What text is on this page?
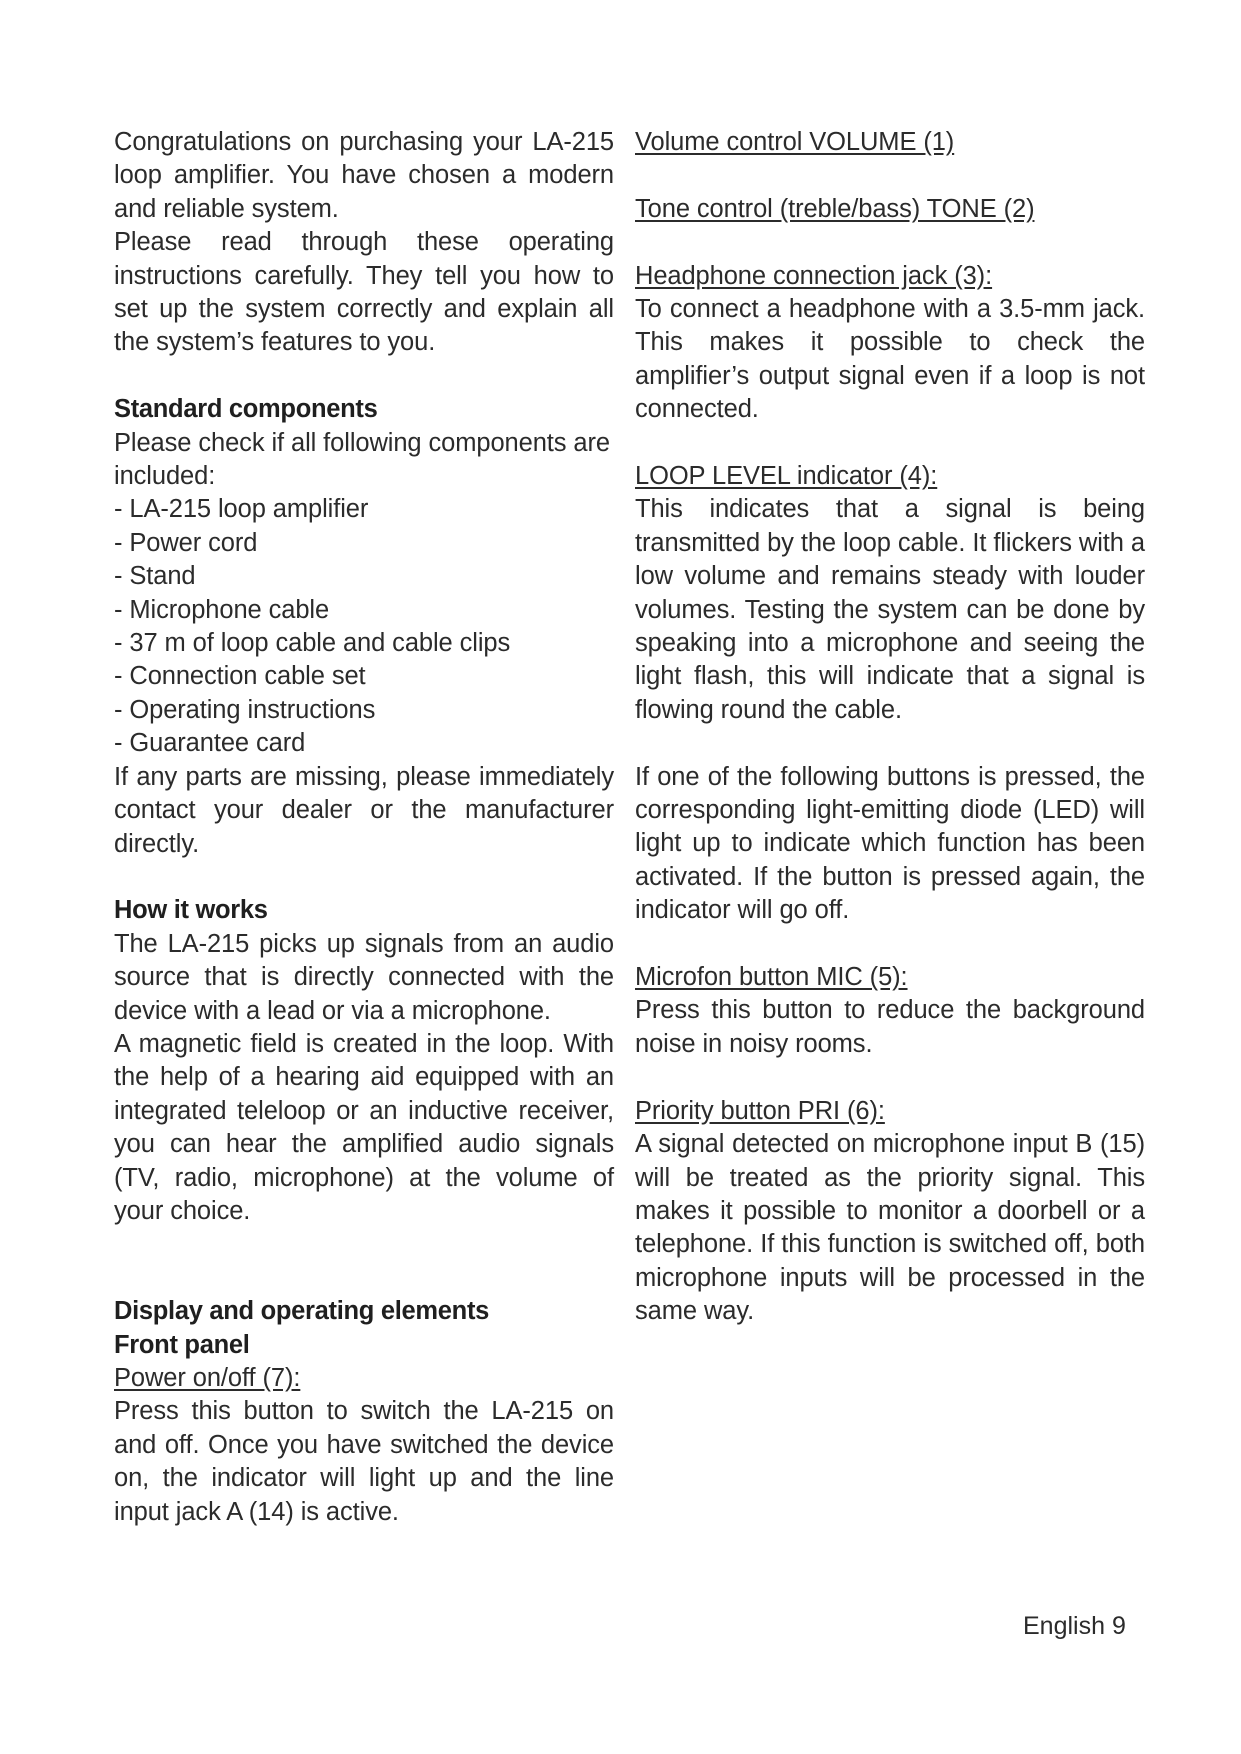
Congratulations on purchasing your LA-215 loop amplifier. You have chosen a modern and reliable system.

Please read through these operating instructions carefully. They tell you how to set up the system correctly and explain all the system’s features to you.

Standard components

Please check if all following components are included:

- LA-215 loop amplifier
- Power cord
- Stand
- Microphone cable
- 37 m of loop cable and cable clips
- Connection cable set
- Operating instructions
- Guarantee card

If any parts are missing, please immediately contact your dealer or the manufacturer directly.

How it works

The LA-215 picks up signals from an audio source that is directly connected with the device with a lead or via a microphone.

A magnetic field is created in the loop. With the help of a hearing aid equipped with an integrated teleloop or an inductive receiver, you can hear the amplified audio signals (TV, radio, microphone) at the volume of your choice.

Display and operating elements

Front panel

Power on/off (7):

Press this button to switch the LA-215 on and off. Once you have switched the device on, the indicator will light up and the line input jack A (14) is active.

Volume control VOLUME (1)

Tone control (treble/bass) TONE (2)

Headphone connection jack (3):

To connect a headphone with a 3.5-mm jack. This makes it possible to check the amplifier’s output signal even if a loop is not connected.

LOOP LEVEL indicator (4):

This indicates that a signal is being transmitted by the loop cable. It flickers with a low volume and remains steady with louder volumes. Testing the system can be done by speaking into a microphone and seeing the light flash, this will indicate that a signal is flowing round the cable.

If one of the following buttons is pressed, the corresponding light-emitting diode (LED) will light up to indicate which function has been activated. If the button is pressed again, the indicator will go off.

Microfon button MIC (5):

Press this button to reduce the background noise in noisy rooms.

Priority button PRI (6):

A signal detected on microphone input B (15) will be treated as the priority signal. This makes it possible to monitor a doorbell or a telephone. If this function is switched off, both microphone inputs will be processed in the same way.

English 9
